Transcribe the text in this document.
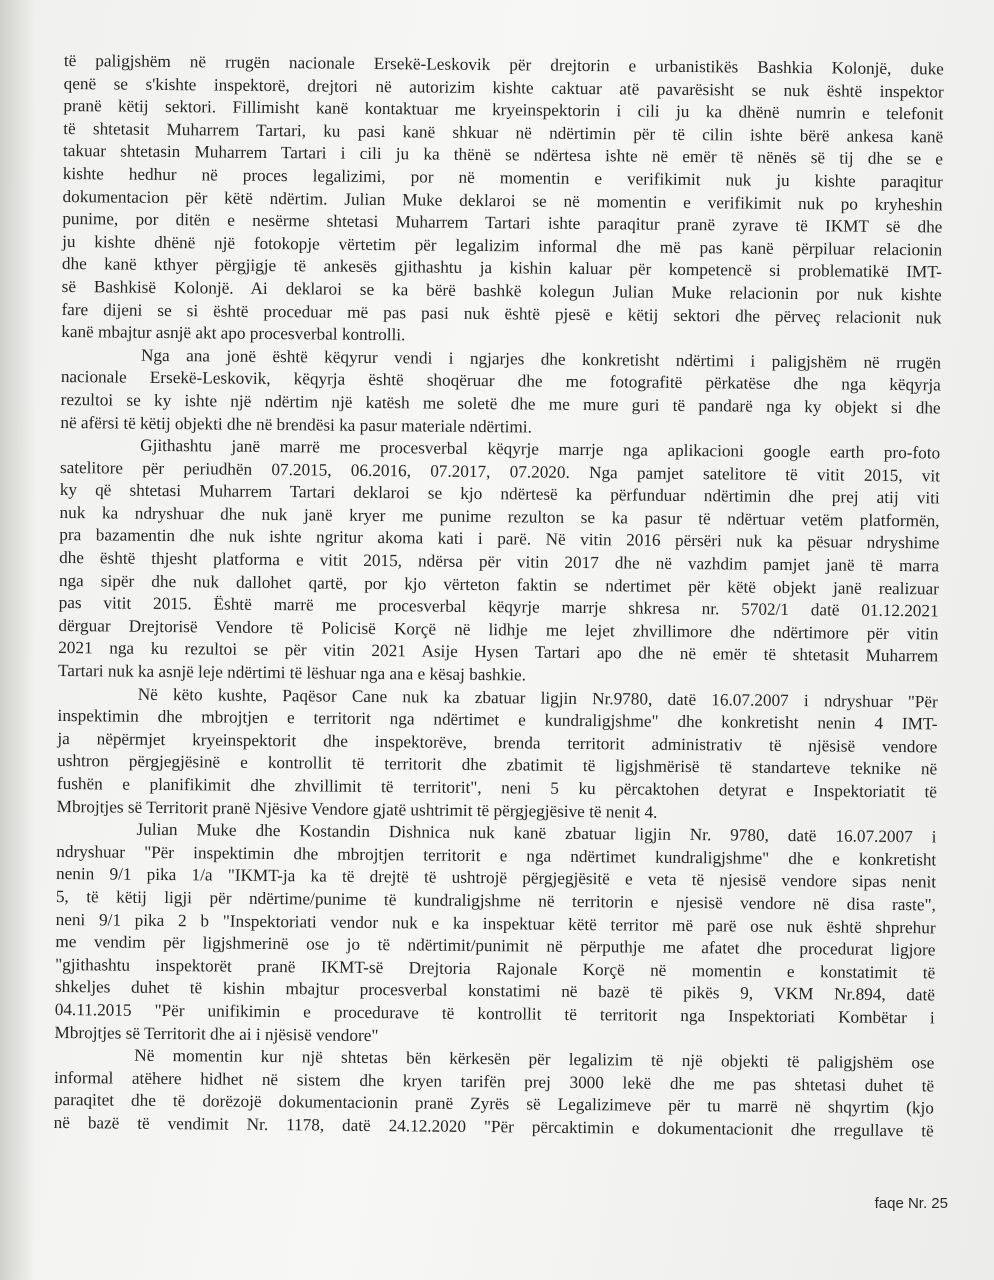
të paligjshëm në rrugën nacionale Ersekë-Leskovik për drejtorin e urbanistikës Bashkia Kolonjë, duke
qenë se s'kishte inspektorë, drejtori në autorizim kishte caktuar atë pavarësisht se nuk është inspektor
pranë këtij sektori. Fillimisht kanë kontaktuar me kryeinspektorin i cili ju ka dhënë numrin e telefonit
të shtetasit Muharrem Tartari, ku pasi kanë shkuar në ndërtimin për të cilin ishte bërë ankesa kanë
takuar shtetasin Muharrem Tartari i cili ju ka thënë se ndërtesa ishte në emër të nënës së tij dhe se e
kishte hedhur në proces legalizimi, por në momentin e verifikimit nuk ju kishte paraqitur
dokumentacion për këtë ndërtim. Julian Muke deklaroi se në momentin e verifikimit nuk po kryheshin
punime, por ditën e nesërme shtetasi Muharrem Tartari ishte paraqitur pranë zyrave të IKMT së dhe
ju kishte dhënë një fotokopje vërtetim për legalizim informal dhe më pas kanë përpiluar relacionin
dhe kanë kthyer përgjigje të ankesës gjithashtu ja kishin kaluar për kompetencë si problematikë IMT-
së Bashkisë Kolonjë. Ai deklaroi se ka bërë bashkë kolegun Julian Muke relacionin por nuk kishte
fare dijeni se si është proceduar më pas pasi nuk është pjesë e këtij sektori dhe përveç relacionit nuk
kanë mbajtur asnjë akt apo procesverbal kontrolli.
Nga ana jonë është këqyrur vendi i ngjarjes dhe konkretisht ndërtimi i paligjshëm në rrugën
nacionale Ersekë-Leskovik, këqyrja është shoqëruar dhe me fotografitë përkatëse dhe nga këqyrja
rezultoi se ky ishte një ndërtim një katësh me soletë dhe me mure guri të pandarë nga ky objekt si dhe
në afërsi të këtij objekti dhe në brendësi ka pasur materiale ndërtimi.
Gjithashtu janë marrë me procesverbal këqyrje marrje nga aplikacioni google earth pro-foto
satelitore për periudhën 07.2015, 06.2016, 07.2017, 07.2020. Nga pamjet satelitore të vitit 2015, vit
ky që shtetasi Muharrem Tartari deklaroi se kjo ndërtesë ka përfunduar ndërtimin dhe prej atij viti
nuk ka ndryshuar dhe nuk janë kryer me punime rezulton se ka pasur të ndërtuar vetëm platformën,
pra bazamentin dhe nuk ishte ngritur akoma kati i parë. Në vitin 2016 përsëri nuk ka pësuar ndryshime
dhe është thjesht platforma e vitit 2015, ndërsa për vitin 2017 dhe në vazhdim pamjet janë të marra
nga sipër dhe nuk dallohet qartë, por kjo vërteton faktin se ndertimet për këtë objekt janë realizuar
pas vitit 2015. Është marrë me procesverbal këqyrje marrje shkresa nr. 5702/1 datë 01.12.2021
dërguar Drejtorisë Vendore të Policisë Korçë në lidhje me lejet zhvillimore dhe ndërtimore për vitin
2021 nga ku rezultoi se për vitin 2021 Asije Hysen Tartari apo dhe në emër të shtetasit Muharrem
Tartari nuk ka asnjë leje ndërtimi të lëshuar nga ana e kësaj bashkie.
Në këto kushte, Paqësor Cane nuk ka zbatuar ligjin Nr.9780, datë 16.07.2007 i ndryshuar "Për
inspektimin dhe mbrojtjen e territorit nga ndërtimet e kundraligjshme" dhe konkretisht nenin 4 IMT-
ja nëpërmjet kryeinspektorit dhe inspektorëve, brenda territorit administrativ të njësisë vendore
ushtron përgjegjësinë e kontrollit të territorit dhe zbatimit të ligjshmërisë të standarteve teknike në
fushën e planifikimit dhe zhvillimit të territorit", neni 5 ku përcaktohen detyrat e Inspektoriatit të
Mbrojtjes së Territorit pranë Njësive Vendore gjatë ushtrimit të përgjegjësive të nenit 4.
Julian Muke dhe Kostandin Dishnica nuk kanë zbatuar ligjin Nr. 9780, datë 16.07.2007 i
ndryshuar "Për inspektimin dhe mbrojtjen territorit e nga ndërtimet kundraligjshme" dhe e konkretisht
nenin 9/1 pika 1/a "IKMT-ja ka të drejtë të ushtrojë përgjegjësitë e veta të njesisë vendore sipas nenit
5, të këtij ligji për ndërtime/punime të kundraligjshme në territorin e njesisë vendore në disa raste",
neni 9/1 pika 2 b "Inspektoriati vendor nuk e ka inspektuar këtë territor më parë ose nuk është shprehur
me vendim për ligjshmerinë ose jo të ndërtimit/punimit në përputhje me afatet dhe procedurat ligjore
"gjithashtu inspektorët pranë IKMT-së Drejtoria Rajonale Korçë në momentin e konstatimit të
shkeljes duhet të kishin mbajtur procesverbal konstatimi në bazë të pikës 9, VKM Nr.894, datë
04.11.2015 "Për unifikimin e procedurave të kontrollit të territorit nga Inspektoriati Kombëtar i
Mbrojtjes së Territorit dhe ai i njësisë vendore"
Në momentin kur një shtetas bën kërkesën për legalizim të një objekti të paligjshëm ose
informal atëhere hidhet në sistem dhe kryen tarifën prej 3000 lekë dhe me pas shtetasi duhet të
paraqitet dhe të dorëzojë dokumentacionin pranë Zyrës së Legalizimeve për tu marrë në shqyrtim (kjo
në bazë të vendimit Nr. 1178, datë 24.12.2020 "Për përcaktimin e dokumentacionit dhe rregullave të
faqe Nr. 25
